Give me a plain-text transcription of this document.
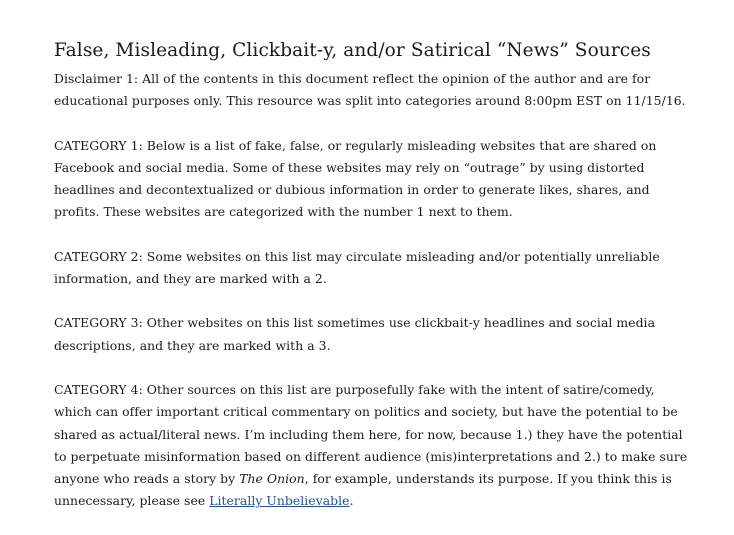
False, Misleading, Clickbait-y, and/or Satirical “News” Sources

Disclaimer 1: All of the contents in this document reflect the opinion of the author and are for educational purposes only. This resource was split into categories around 8:00pm EST on 11/15/16.

CATEGORY 1: Below is a list of fake, false, or regularly misleading websites that are shared on Facebook and social media. Some of these websites may rely on “outrage” by using distorted headlines and decontextualized or dubious information in order to generate likes, shares, and profits. These websites are categorized with the number 1 next to them.

CATEGORY 2: Some websites on this list may circulate misleading and/or potentially unreliable information, and they are marked with a 2.

CATEGORY 3: Other websites on this list sometimes use clickbait-y headlines and social media descriptions, and they are marked with a 3.

CATEGORY 4: Other sources on this list are purposefully fake with the intent of satire/comedy, which can offer important critical commentary on politics and society, but have the potential to be shared as actual/literal news. I’m including them here, for now, because 1.) they have the potential to perpetuate misinformation based on different audience (mis)interpretations and 2.) to make sure anyone who reads a story by The Onion, for example, understands its purpose. If you think this is unnecessary, please see Literally Unbelievable.
